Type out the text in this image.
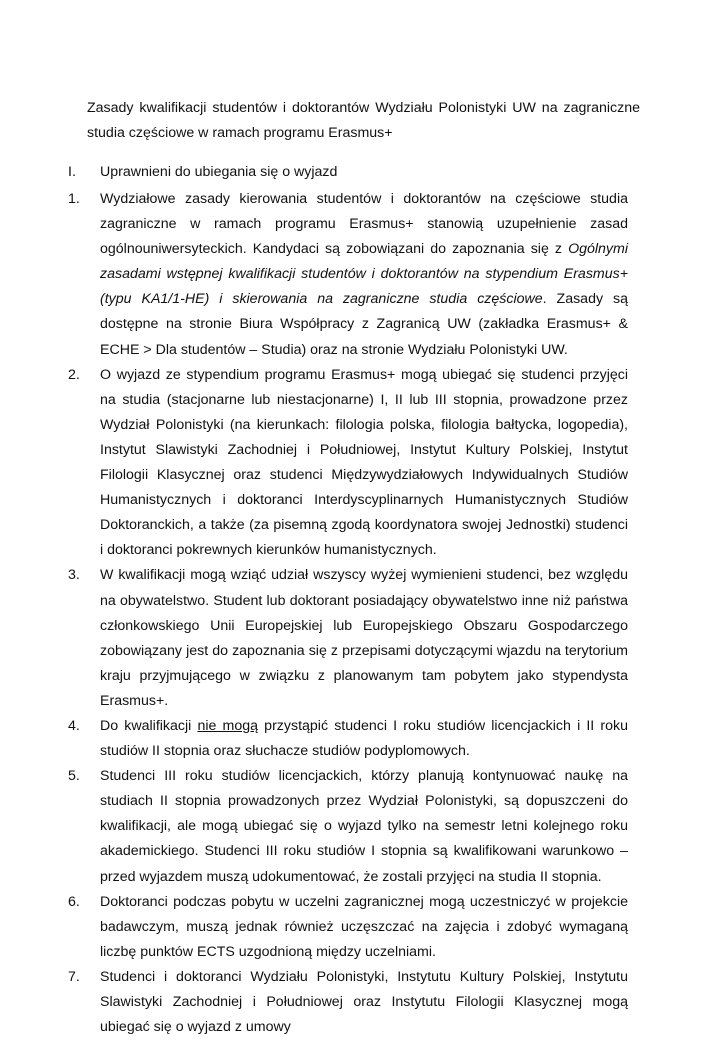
Zasady kwalifikacji studentów i doktorantów Wydziału Polonistyki UW na zagraniczne studia częściowe w ramach programu Erasmus+

I.	Uprawnieni do ubiegania się o wyjazd
1.	Wydziałowe zasady kierowania studentów i doktorantów na częściowe studia zagraniczne w ramach programu Erasmus+ stanowią uzupełnienie zasad ogólnouniwersyteckich. Kandydaci są zobowiązani do zapoznania się z Ogólnymi zasadami wstępnej kwalifikacji studentów i doktorantów na stypendium Erasmus+ (typu KA1/1-HE) i skierowania na zagraniczne studia częściowe. Zasady są dostępne na stronie Biura Współpracy z Zagranicą UW (zakładka Erasmus+ & ECHE > Dla studentów – Studia) oraz na stronie Wydziału Polonistyki UW.
2.	O wyjazd ze stypendium programu Erasmus+ mogą ubiegać się studenci przyjęci na studia (stacjonarne lub niestacjonarne) I, II lub III stopnia, prowadzone przez Wydział Polonistyki (na kierunkach: filologia polska, filologia bałtycka, logopedia), Instytut Slawistyki Zachodniej i Południowej, Instytut Kultury Polskiej, Instytut Filologii Klasycznej oraz studenci Międzywydziałowych Indywidualnych Studiów Humanistycznych i doktoranci Interdyscyplinarnych Humanistycznych Studiów Doktoranckich, a także (za pisemną zgodą koordynatora swojej Jednostki) studenci i doktoranci pokrewnych kierunków humanistycznych.
3.	W kwalifikacji mogą wziąć udział wszyscy wyżej wymienieni studenci, bez względu na obywatelstwo. Student lub doktorant posiadający obywatelstwo inne niż państwa członkowskiego Unii Europejskiej lub Europejskiego Obszaru Gospodarczego zobowiązany jest do zapoznania się z przepisami dotyczącymi wjazdu na terytorium kraju przyjmującego w związku z planowanym tam pobytem jako stypendysta Erasmus+.
4.	Do kwalifikacji nie mogą przystąpić studenci I roku studiów licencjackich i II roku studiów II stopnia oraz słuchacze studiów podyplomowych.
5.	Studenci III roku studiów licencjackich, którzy planują kontynuować naukę na studiach II stopnia prowadzonych przez Wydział Polonistyki, są dopuszczeni do kwalifikacji, ale mogą ubiegać się o wyjazd tylko na semestr letni kolejnego roku akademickiego. Studenci III roku studiów I stopnia są kwalifikowani warunkowo – przed wyjazdem muszą udokumentować, że zostali przyjęci na studia II stopnia.
6.	Doktoranci podczas pobytu w uczelni zagranicznej mogą uczestniczyć w projekcie badawczym, muszą jednak również uczęszczać na zajęcia i zdobyć wymaganą liczbę punktów ECTS uzgodnioną między uczelniami.
7.	Studenci i doktoranci Wydziału Polonistyki, Instytutu Kultury Polskiej, Instytutu Slawistyki Zachodniej i Południowej oraz Instytutu Filologii Klasycznej mogą ubiegać się o wyjazd z umowy
